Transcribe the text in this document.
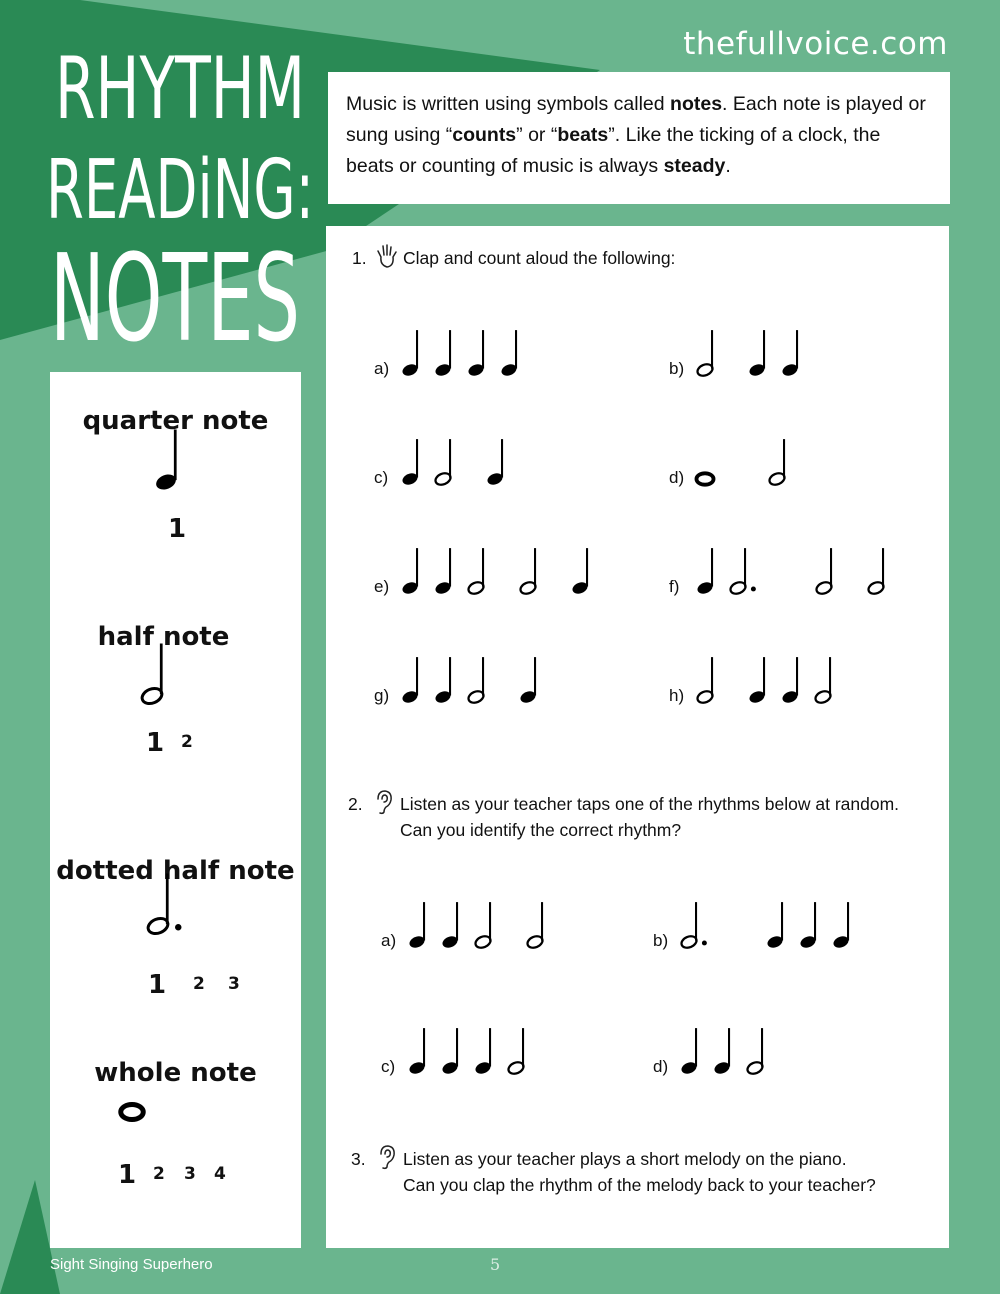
RHYTHM
READiNG:
NOTES
thefullvoice.com
Music is written using symbols called notes. Each note is played or sung using “counts” or “beats”. Like the ticking of a clock, the beats or counting of music is always steady.
quarter note
1
half note
1 2
dotted half note
1 2 3
whole note
1 2 3 4
1. Clap and count aloud the following:
2. Listen as your teacher taps one of the rhythms below at random.
Can you identify the correct rhythm?
3. Listen as your teacher plays a short melody on the piano.
Can you clap the rhythm of the melody back to your teacher?
a)	b)
c)	d)
e)	f)
g)	h)
a)	b)
c)	d)
Sight Singing Superhero	5
